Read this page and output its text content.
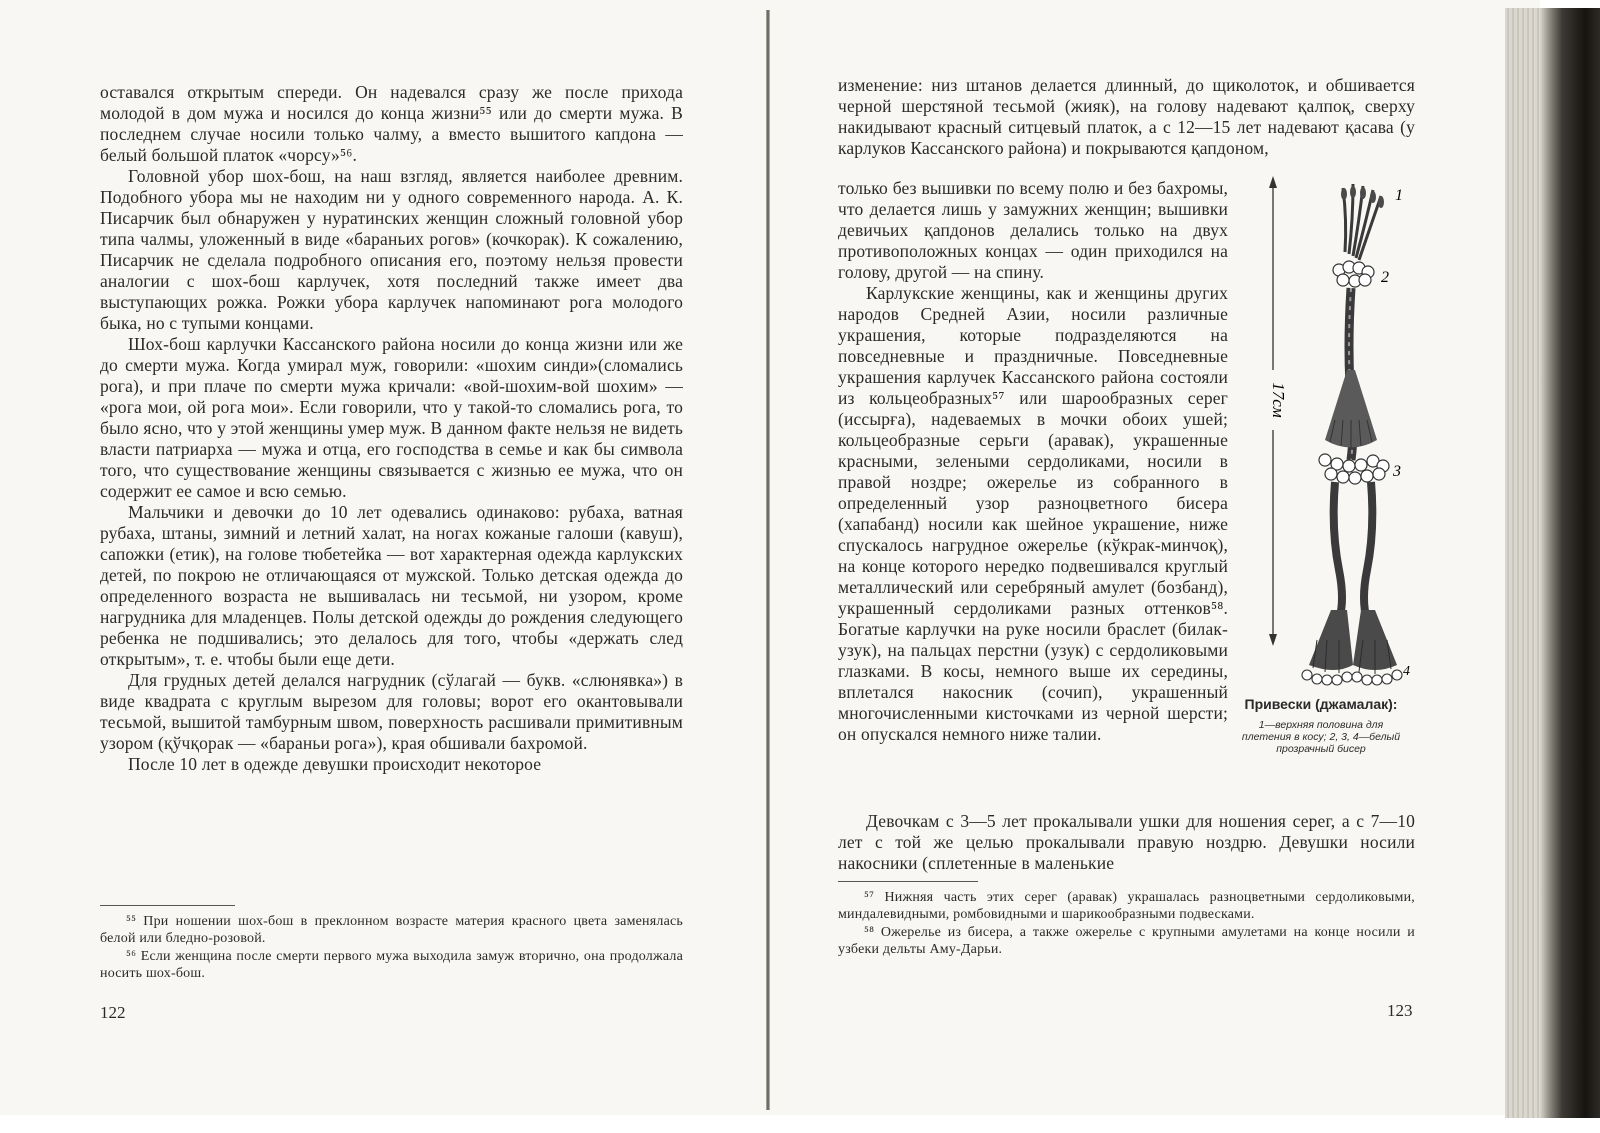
оставался открытым спереди. Он надевался сразу же после прихода молодой в дом мужа и носился до конца жизни⁵⁵ или до смерти мужа. В последнем случае носили только чалму, а вместо вышитого капдона — белый большой платок «чорсу»⁵⁶.

Головной убор шох-бош, на наш взгляд, является наиболее древним. Подобного убора мы не находим ни у одного современного народа. А. К. Писарчик был обнаружен у нуратинских женщин сложный головной убор типа чалмы, уложенный в виде «бараньих рогов» (кочкорак). К сожалению, Писарчик не сделала подробного описания его, поэтому нельзя провести аналогии с шох-бош карлучек, хотя последний также имеет два выступающих рожка. Рожки убора карлучек напоминают рога молодого быка, но с тупыми концами.

Шох-бош карлучки Кассанского района носили до конца жизни или же до смерти мужа. Когда умирал муж, говорили: «шохим синди»(сломались рога), и при плаче по смерти мужа кричали: «вой-шохим-вой шохим» — «рога мои, ой рога мои». Если говорили, что у такой-то сломались рога, то было ясно, что у этой женщины умер муж. В данном факте нельзя не видеть власти патриарха — мужа и отца, его господства в семье и как бы символа того, что существование женщины связывается с жизнью ее мужа, что он содержит ее самое и всю семью.

Мальчики и девочки до 10 лет одевались одинаково: рубаха, ватная рубаха, штаны, зимний и летний халат, на ногах кожаные галоши (кавуш), сапожки (етик), на голове тюбетейка — вот характерная одежда карлукских детей, по покрою не отличающаяся от мужской. Только детская одежда до определенного возраста не вышивалась ни тесьмой, ни узором, кроме нагрудника для младенцев. Полы детской одежды до рождения следующего ребенка не подшивались; это делалось для того, чтобы «держать след открытым», т. е. чтобы были еще дети.

Для грудных детей делался нагрудник (сўлагай — букв. «слюнявка») в виде квадрата с круглым вырезом для головы; ворот его окантовывали тесьмой, вышитой тамбурным швом, поверхность расшивали примитивным узором (қўчқорак — «бараньи рога»), края обшивали бахромой.

После 10 лет в одежде девушки происходит некоторое

⁵⁵ При ношении шох-бош в преклонном возрасте материя красного цвета заменялась белой или бледно-розовой.

⁵⁶ Если женщина после смерти первого мужа выходила замуж вторично, она продолжала носить шох-бош.

122

изменение: низ штанов делается длинный, до щиколоток, и обшивается черной шерстяной тесьмой (жияк), на голову надевают қалпоқ, сверху накидывают красный ситцевый платок, а с 12—15 лет надевают қасава (у карлуков Кассанского района) и покрываются қапдоном,

только без вышивки по всему полю и без бахромы, что делается лишь у замужних женщин; вышивки девичьих қапдонов делались только на двух противоположных концах — один приходился на голову, другой — на спину.

Карлукские женщины, как и женщины других народов Средней Азии, носили различные украшения, которые подразделяются на повседневные и праздничные. Повседневные украшения карлучек Кассанского района состояли из кольцеобразных⁵⁷ или шарообразных серег (иссырға), надеваемых в мочки обоих ушей; кольцеобразные серьги (аравак), украшенные красными, зелеными сердоликами, носили в правой ноздре; ожерелье из собранного в определенный узор разноцветного бисера (хапабанд) носили как шейное украшение, ниже спускалось нагрудное ожерелье (кўкрак-минчоқ), на конце которого нередко подвешивался круглый металлический или серебряный амулет (бозбанд), украшенный сердоликами разных оттенков⁵⁸. Богатые карлучки на руке носили браслет (билак-узук), на пальцах перстни (узук) с сердоликовыми глазками. В косы, немного выше их середины, вплетался накосник (сочип), украшенный многочисленными кисточками из черной шерсти; он опускался немного ниже талии.

Девочкам с 3—5 лет прокалывали ушки для ношения серег, а с 7—10 лет с той же целью прокалывали правую ноздрю. Девушки носили накосники (сплетенные в маленькие

17см
1
2
3
4
Привески (джамалак):
1—верхняя половина для плетения в косу; 2, 3, 4—белый прозрачный бисер

⁵⁷ Нижняя часть этих серег (аравак) украшалась разноцветными сердоликовыми, миндалевидными, ромбовидными и шарикообразными подвесками.

⁵⁸ Ожерелье из бисера, а также ожерелье с крупными амулетами на конце носили и узбеки дельты Аму-Дарьи.

123
